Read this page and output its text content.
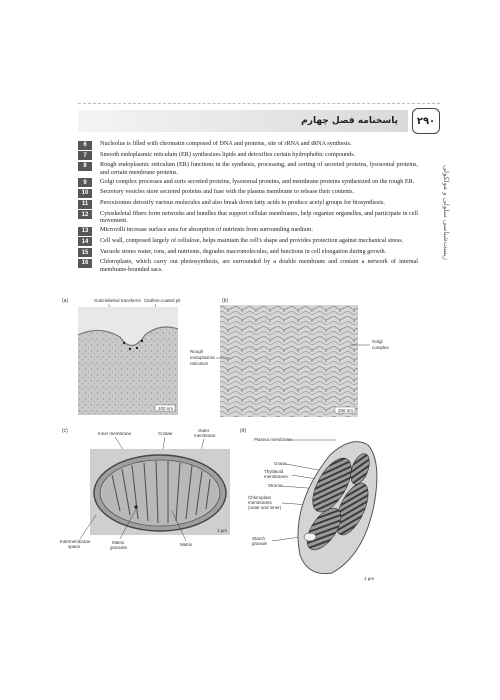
پاسخنامه فصل چهارم	۲۹۰
زیست‌شناسی سلولی و مولکولی
6	Nucleolus is filled with chromatin composed of DNA and proteins, site of rRNA and tRNA synthesis.
7	Smooth endoplasmic reticulum (ER) synthesizes lipids and detoxifies certain hydrophobic compounds.
8	Rough endoplasmic reticulum (ER) functions in the synthesis, processing, and sorting of secreted proteins, lysosomal proteins, and certain membrane proteins.
9	Golgi complex processes and sorts secreted proteins, lysosomal proteins, and membrane proteins synthesized on the rough ER.
10	Secretory vesicles store secreted proteins and fuse with the plasma membrane to release their contents.
11	Peroxisomes detoxify various molecules and also break down fatty acids to produce acetyl groups for biosynthesis.
12	Cytoskeletal fibers form networks and bundles that support cellular membranes, help organize organelles, and participate in cell movement.
13	Microvilli increase surface area for absorption of nutrients from surrounding medium.
14	Cell wall, composed largely of cellulose, helps maintain the cell's shape and provides protection against mechanical stress.
15	Vacuole stores water, ions, and nutrients, degrades macromolecules, and functions in cell elongation during growth.
16	Chloroplasts, which carry out photosynthesis, are surrounded by a double membrane and contain a network of internal membrane-bounded sacs.
(a)	Gold-labeled transferrin Clathrin-coated pit
100 nm
(b)
Rough
endoplasmic
reticulum
Golgi
complex
200 nm
(c)	Inner membrane	Cristae
Outer
membrane
Intermembrane
space
Matrix
granules
Matrix
1 µm
(d)
Plasma membrane
Grana
Thylakoid
membranes
Stroma
Chloroplast
membranes
(outer and inner)
Starch
granule
1 µm
